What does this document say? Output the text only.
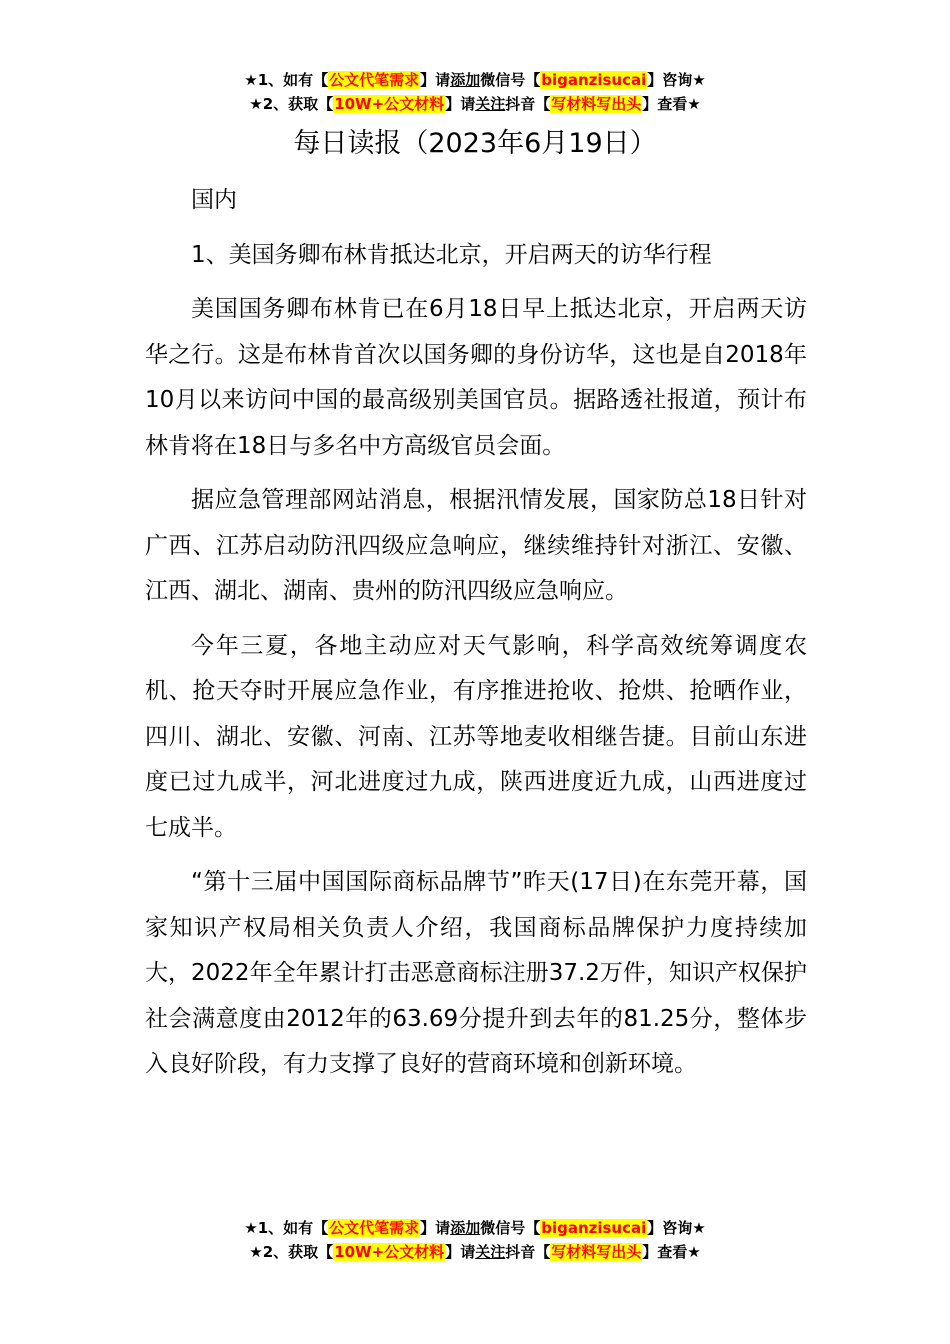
★1、如有【公文代笔需求】请添加微信号【biganzisucai】咨询★
★2、获取【10W+公文材料】请关注抖音【写材料写出头】查看★
每日读报（2023年6月19日）

国内

1、美国务卿布林肯抵达北京，开启两天的访华行程

美国国务卿布林肯已在6月18日早上抵达北京，开启两天访华之行。这是布林肯首次以国务卿的身份访华，这也是自2018年10月以来访问中国的最高级别美国官员。据路透社报道，预计布林肯将在18日与多名中方高级官员会面。

据应急管理部网站消息，根据汛情发展，国家防总18日针对广西、江苏启动防汛四级应急响应，继续维持针对浙江、安徽、江西、湖北、湖南、贵州的防汛四级应急响应。

今年三夏，各地主动应对天气影响，科学高效统筹调度农机、抢天夺时开展应急作业，有序推进抢收、抢烘、抢晒作业，四川、湖北、安徽、河南、江苏等地麦收相继告捷。目前山东进度已过九成半，河北进度过九成，陕西进度近九成，山西进度过七成半。

“第十三届中国国际商标品牌节”昨天(17日)在东莞开幕，国家知识产权局相关负责人介绍，我国商标品牌保护力度持续加大，2022年全年累计打击恶意商标注册37.2万件，知识产权保护社会满意度由2012年的63.69分提升到去年的81.25分，整体步入良好阶段，有力支撑了良好的营商环境和创新环境。

★1、如有【公文代笔需求】请添加微信号【biganzisucai】咨询★
★2、获取【10W+公文材料】请关注抖音【写材料写出头】查看★
